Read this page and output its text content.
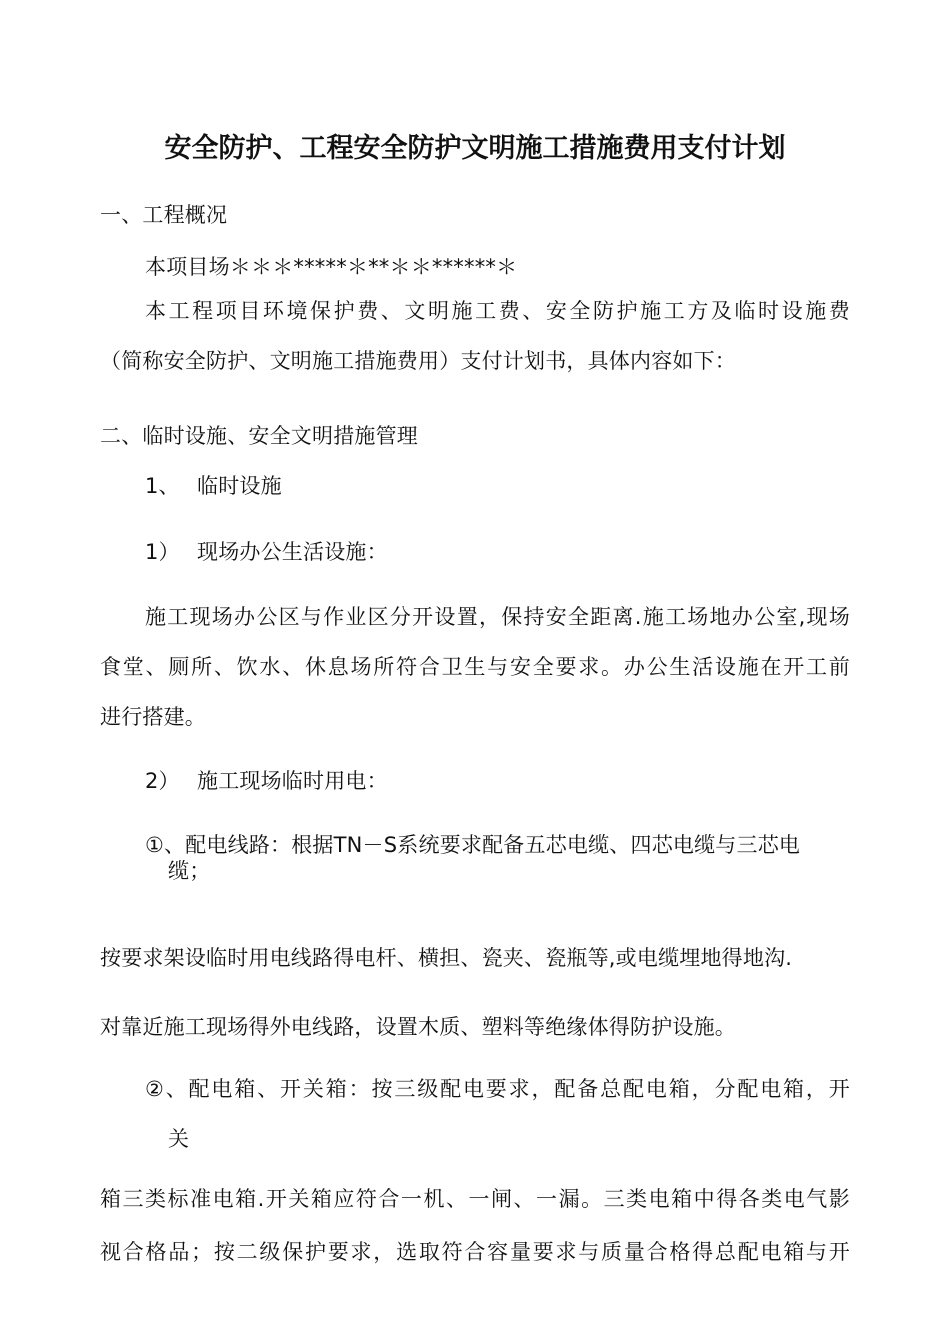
安全防护、工程安全防护文明施工措施费用支付计划
一、工程概况
本项目场＊＊＊*****＊**＊＊******＊
本工程项目环境保护费、文明施工费、安全防护施工方及临时设施费
（简称安全防护、文明施工措施费用）支付计划书，具体内容如下：
二、临时设施、安全文明措施管理
1、 临时设施
1） 现场办公生活设施：
施工现场办公区与作业区分开设置，保持安全距离.施工场地办公室,现场
食堂、厕所、饮水、休息场所符合卫生与安全要求。办公生活设施在开工前
进行搭建。
2） 施工现场临时用电：
①、配电线路：根据TN－S系统要求配备五芯电缆、四芯电缆与三芯电
缆；
按要求架设临时用电线路得电杆、横担、瓷夹、瓷瓶等,或电缆埋地得地沟.
对靠近施工现场得外电线路，设置木质、塑料等绝缘体得防护设施。
②、配电箱、开关箱：按三级配电要求，配备总配电箱，分配电箱，开
关
箱三类标准电箱.开关箱应符合一机、一闸、一漏。三类电箱中得各类电气影
视合格品；按二级保护要求，选取符合容量要求与质量合格得总配电箱与开
